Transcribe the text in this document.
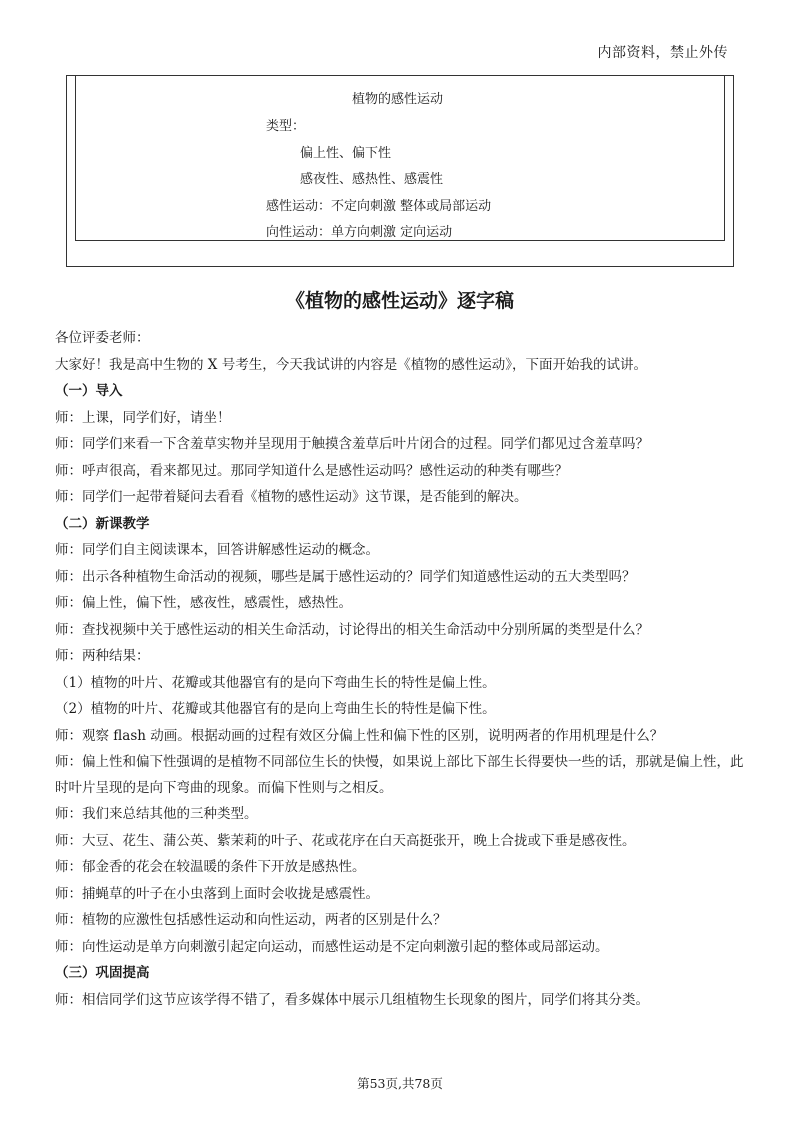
内部资料，禁止外传
植物的感性运动
类型：
偏上性、偏下性
感夜性、感热性、感震性
感性运动：不定向刺激 整体或局部运动
向性运动：单方向刺激 定向运动
《植物的感性运动》逐字稿
各位评委老师：
大家好！我是高中生物的 X 号考生，今天我试讲的内容是《植物的感性运动》，下面开始我的试讲。
（一）导入
师：上课，同学们好，请坐！
师：同学们来看一下含羞草实物并呈现用于触摸含羞草后叶片闭合的过程。同学们都见过含羞草吗？
师：呼声很高，看来都见过。那同学知道什么是感性运动吗？感性运动的种类有哪些？
师：同学们一起带着疑问去看看《植物的感性运动》这节课，是否能到的解决。
（二）新课教学
师：同学们自主阅读课本，回答讲解感性运动的概念。
师：出示各种植物生命活动的视频，哪些是属于感性运动的？同学们知道感性运动的五大类型吗？
师：偏上性，偏下性，感夜性，感震性，感热性。
师：查找视频中关于感性运动的相关生命活动，讨论得出的相关生命活动中分别所属的类型是什么？
师：两种结果：
（1）植物的叶片、花瓣或其他器官有的是向下弯曲生长的特性是偏上性。
（2）植物的叶片、花瓣或其他器官有的是向上弯曲生长的特性是偏下性。
师：观察 flash 动画。根据动画的过程有效区分偏上性和偏下性的区别，说明两者的作用机理是什么？
师：偏上性和偏下性强调的是植物不同部位生长的快慢，如果说上部比下部生长得要快一些的话，那就是偏上性，此时叶片呈现的是向下弯曲的现象。而偏下性则与之相反。
师：我们来总结其他的三种类型。
师：大豆、花生、蒲公英、紫茉莉的叶子、花或花序在白天高挺张开，晚上合拢或下垂是感夜性。
师：郁金香的花会在较温暖的条件下开放是感热性。
师：捕蝇草的叶子在小虫落到上面时会收拢是感震性。
师：植物的应激性包括感性运动和向性运动，两者的区别是什么？
师：向性运动是单方向刺激引起定向运动，而感性运动是不定向刺激引起的整体或局部运动。
（三）巩固提高
师：相信同学们这节应该学得不错了，看多媒体中展示几组植物生长现象的图片，同学们将其分类。
第53页,共78页
